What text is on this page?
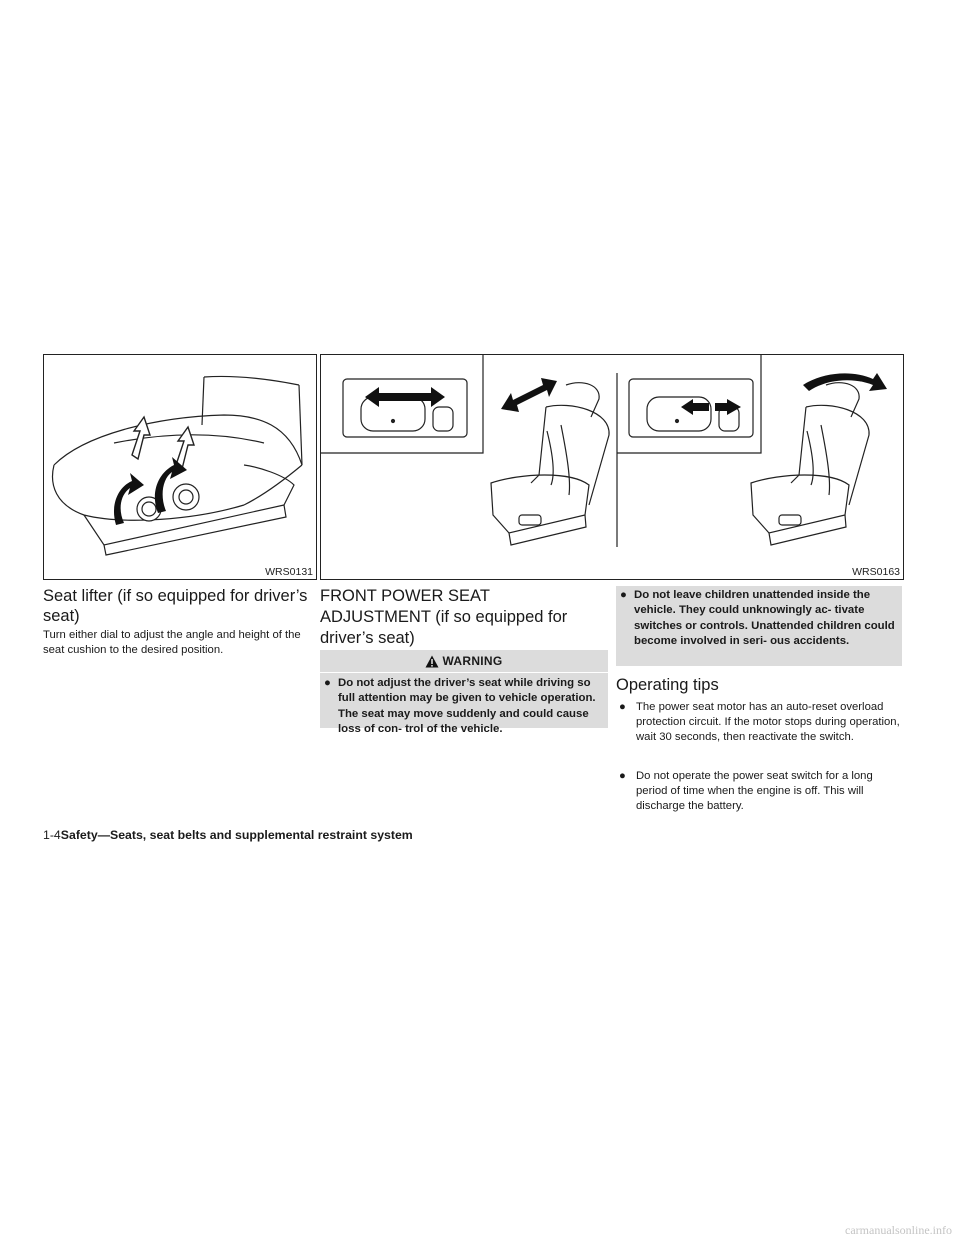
WRS0131	WRS0163
Seat lifter (if so equipped for driver’s seat)

Turn either dial to adjust the angle and height of the seat cushion to the desired position.

FRONT POWER SEAT ADJUSTMENT (if so equipped for driver’s seat)
WARNING
● Do not adjust the driver’s seat while driving so full attention may be given to vehicle operation. The seat may move suddenly and could cause loss of con- trol of the vehicle.
● Do not leave children unattended inside the vehicle. They could unknowingly ac- tivate switches or controls. Unattended children could become involved in seri- ous accidents.
Operating tips
● The power seat motor has an auto-reset overload protection circuit. If the motor stops during operation, wait 30 seconds, then reactivate the switch.
● Do not operate the power seat switch for a long period of time when the engine is off. This will discharge the battery.
1-4Safety—Seats, seat belts and supplemental restraint system
carmanualsonline.info
